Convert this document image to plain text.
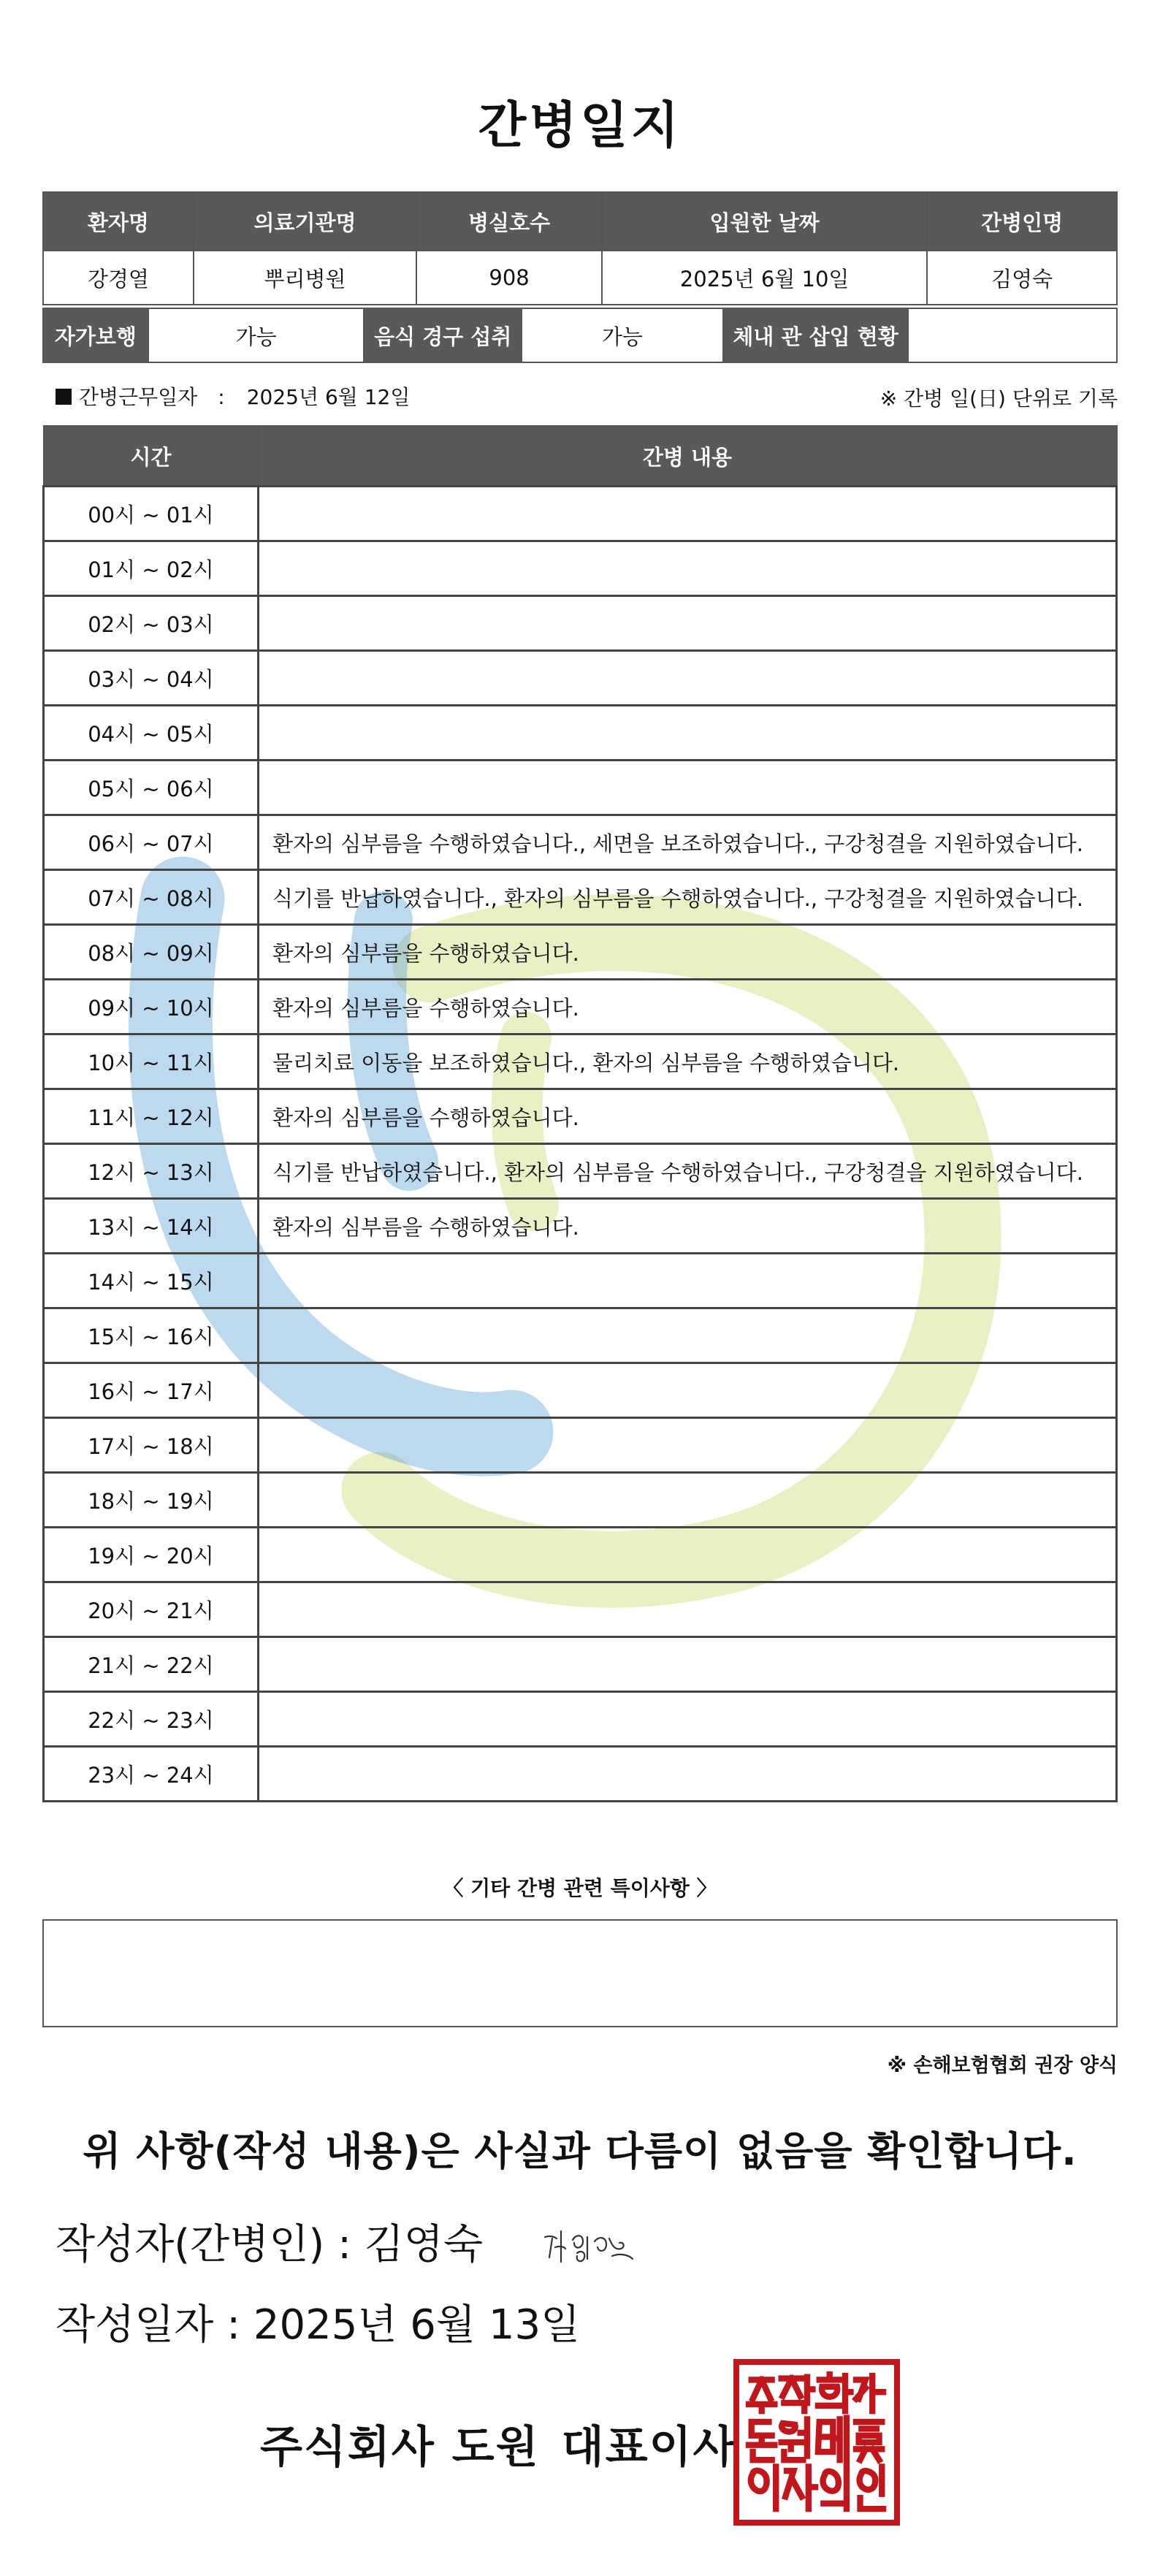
간병일지
환자명	의료기관명	병실호수	입원한 날짜	간병인명
강경열	뿌리병원	908	2025년 6월 10일	김영숙
자가보행	가능	음식 경구 섭취	가능	체내 관 삽입 현황	
간병근무일자 : 2025년 6월 12일	※ 간병 일(日) 단위로 기록
시간	간병 내용
00시 ~ 01시	
01시 ~ 02시	
02시 ~ 03시	
03시 ~ 04시	
04시 ~ 05시	
05시 ~ 06시	
06시 ~ 07시	환자의 심부름을 수행하였습니다., 세면을 보조하였습니다., 구강청결을 지원하였습니다.
07시 ~ 08시	식기를 반납하였습니다., 환자의 심부름을 수행하였습니다., 구강청결을 지원하였습니다.
08시 ~ 09시	환자의 심부름을 수행하였습니다.
09시 ~ 10시	환자의 심부름을 수행하였습니다.
10시 ~ 11시	물리치료 이동을 보조하였습니다., 환자의 심부름을 수행하였습니다.
11시 ~ 12시	환자의 심부름을 수행하였습니다.
12시 ~ 13시	식기를 반납하였습니다., 환자의 심부름을 수행하였습니다., 구강청결을 지원하였습니다.
13시 ~ 14시	환자의 심부름을 수행하였습니다.
14시 ~ 15시	
15시 ~ 16시	
16시 ~ 17시	
17시 ~ 18시	
18시 ~ 19시	
19시 ~ 20시	
20시 ~ 21시	
21시 ~ 22시	
22시 ~ 23시	
23시 ~ 24시	
〈 기타 간병 관련 특이사항 〉
※ 손해보험협회 권장 양식
위 사항(작성 내용)은 사실과 다름이 없음을 확인합니다.
작성자(간병인) : 김영숙
작성일자 : 2025년 6월 13일
주식회사 도원 대표이사
